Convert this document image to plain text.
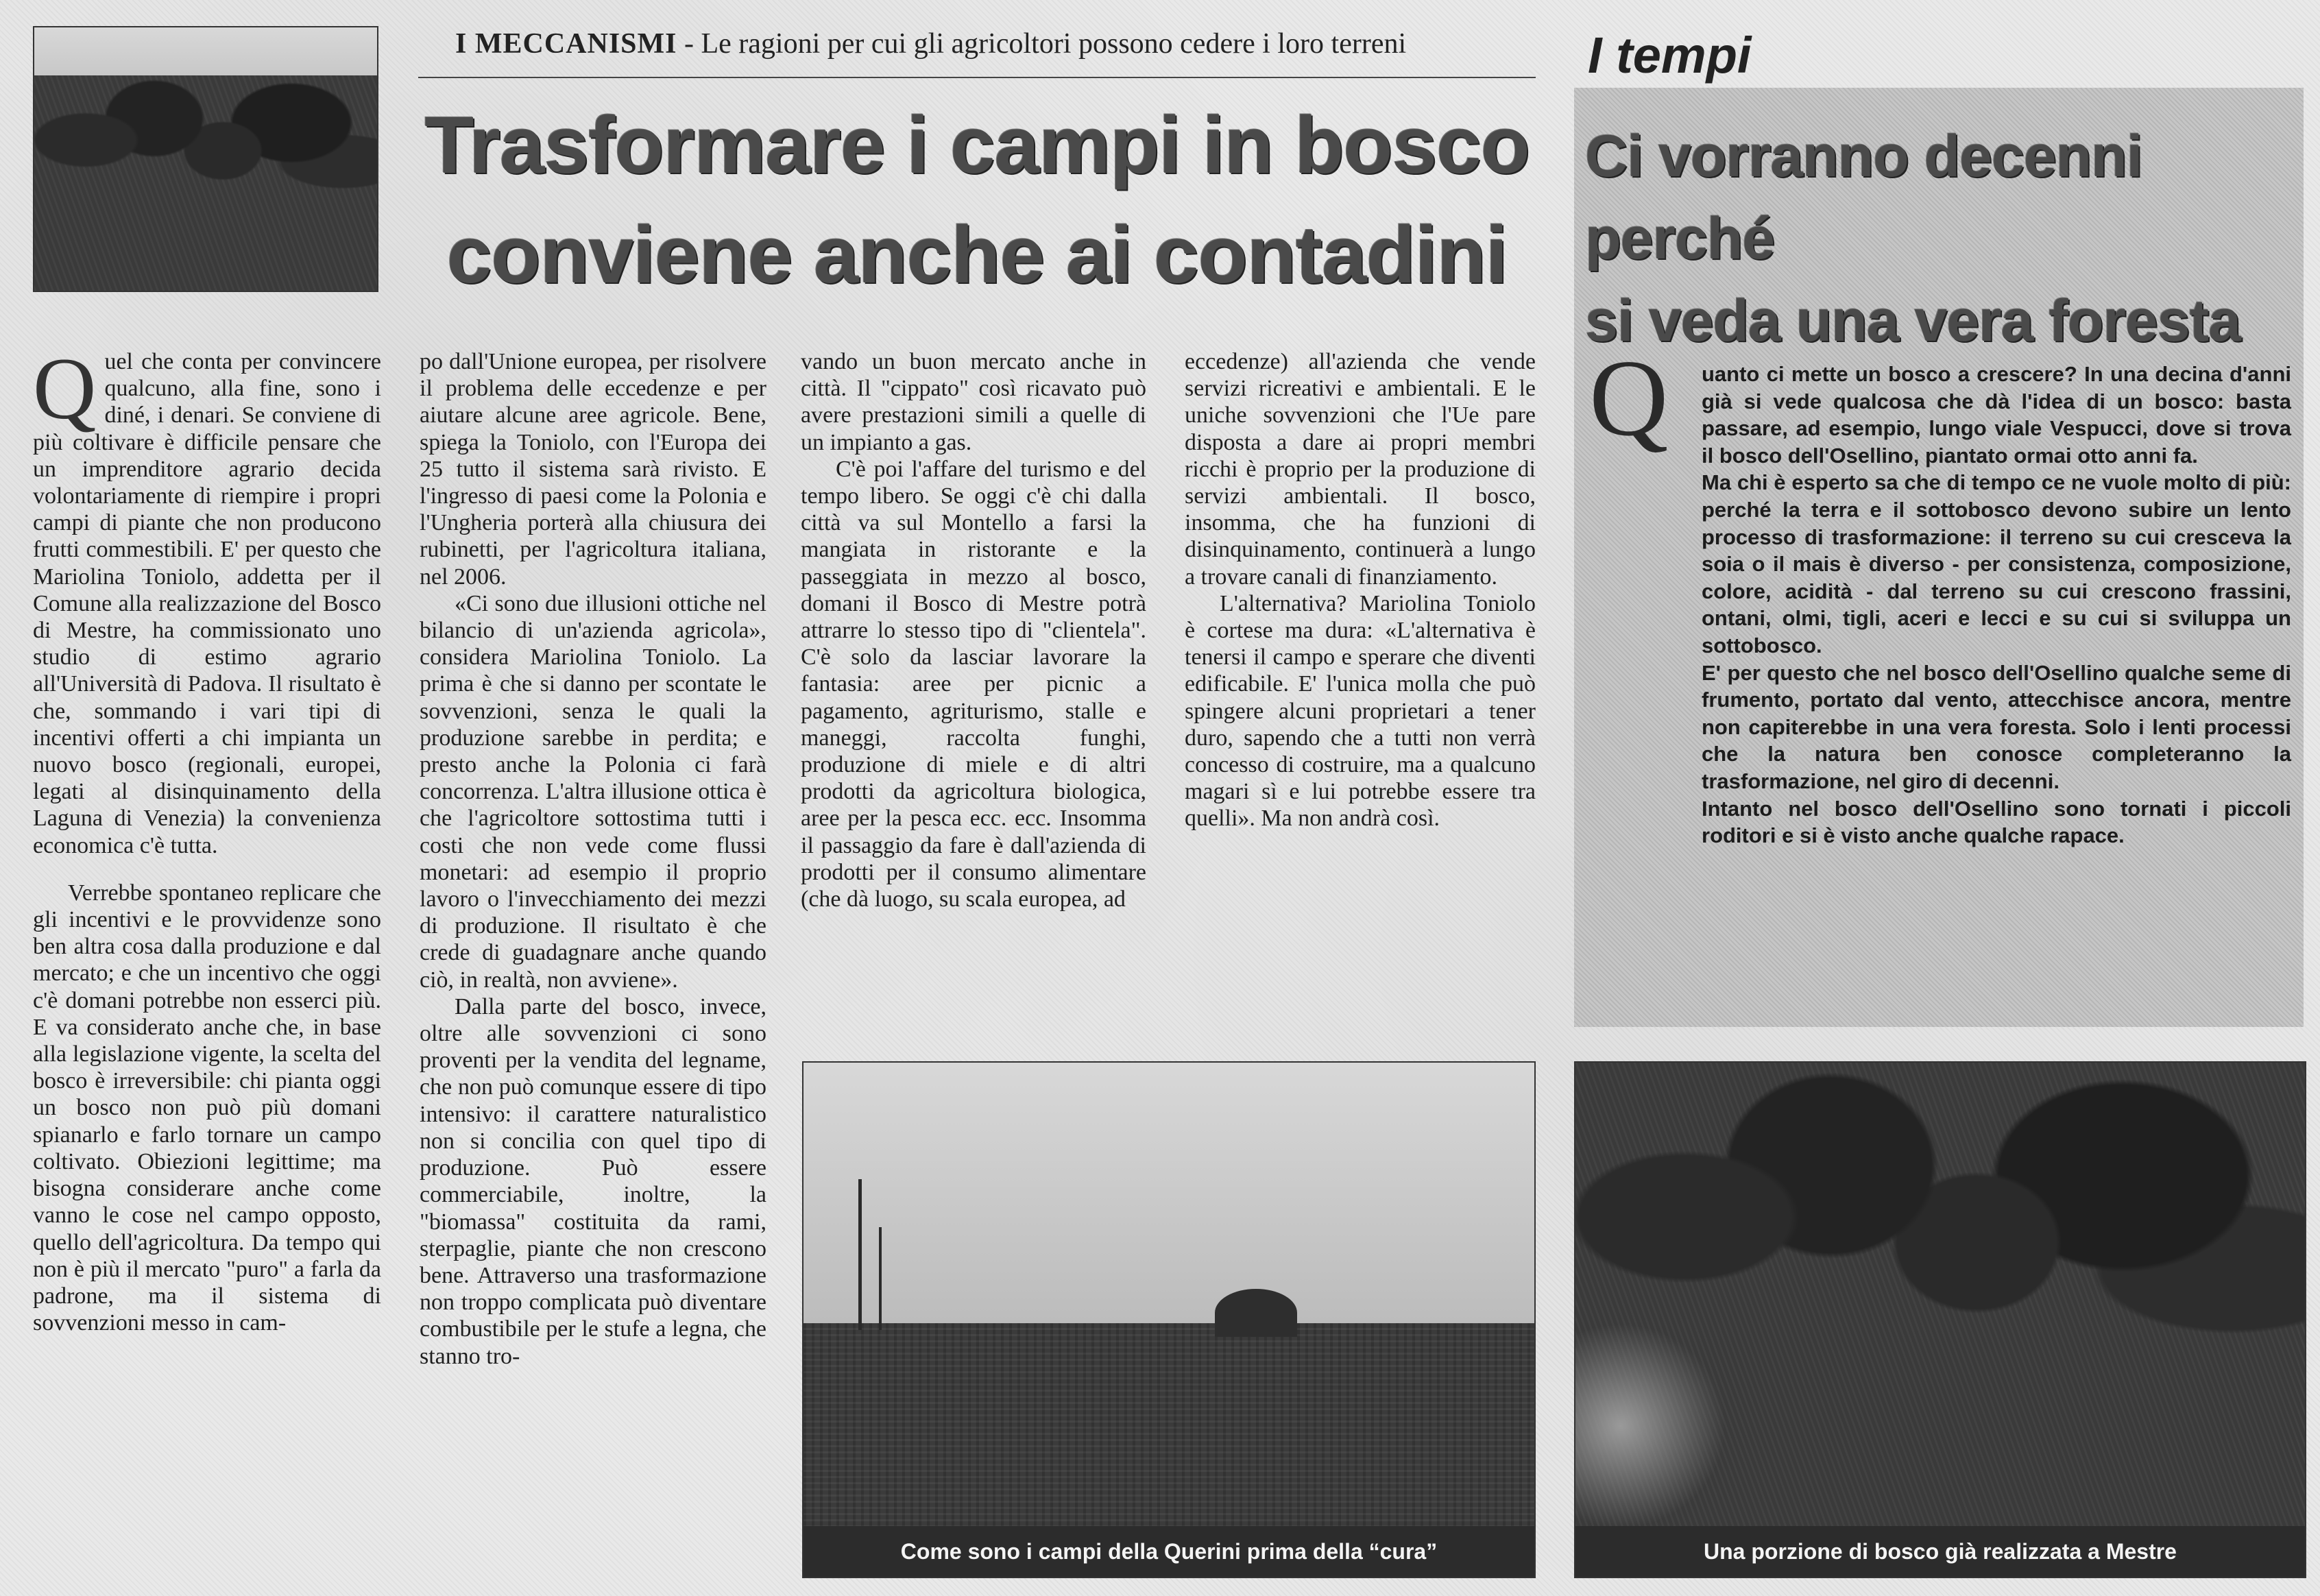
I MECCANISMI - Le ragioni per cui gli agricoltori possono cedere i loro terreni
Trasformare i campi in bosco
conviene anche ai contadini

Quel che conta per convincere qualcuno, alla fine, sono i diné, i denari. Se conviene di più coltivare è difficile pensare che un imprenditore agrario decida volontariamente di riempire i propri campi di piante che non producono frutti commestibili. E' per questo che Mariolina Toniolo, addetta per il Comune alla realizzazione del Bosco di Mestre, ha commissionato uno studio di estimo agrario all'Università di Padova. Il risultato è che, sommando i vari tipi di incentivi offerti a chi impianta un nuovo bosco (regionali, europei, legati al disinquinamento della Laguna di Venezia) la convenienza economica c'è tutta.

Verrebbe spontaneo replicare che gli incentivi e le provvidenze sono ben altra cosa dalla produzione e dal mercato; e che un incentivo che oggi c'è domani potrebbe non esserci più. E va considerato anche che, in base alla legislazione vigente, la scelta del bosco è irreversibile: chi pianta oggi un bosco non può più domani spianarlo e farlo tornare un campo coltivato. Obiezioni legittime; ma bisogna considerare anche come vanno le cose nel campo opposto, quello dell'agricoltura. Da tempo qui non è più il mercato "puro" a farla da padrone, ma il sistema di sovvenzioni messo in cam-

po dall'Unione europea, per risolvere il problema delle eccedenze e per aiutare alcune aree agricole. Bene, spiega la Toniolo, con l'Europa dei 25 tutto il sistema sarà rivisto. E l'ingresso di paesi come la Polonia e l'Ungheria porterà alla chiusura dei rubinetti, per l'agricoltura italiana, nel 2006.

«Ci sono due illusioni ottiche nel bilancio di un'azienda agricola», considera Mariolina Toniolo. La prima è che si danno per scontate le sovvenzioni, senza le quali la produzione sarebbe in perdita; e presto anche la Polonia ci farà concorrenza. L'altra illusione ottica è che l'agricoltore sottostima tutti i costi che non vede come flussi monetari: ad esempio il proprio lavoro o l'invecchiamento dei mezzi di produzione. Il risultato è che crede di guadagnare anche quando ciò, in realtà, non avviene».

Dalla parte del bosco, invece, oltre alle sovvenzioni ci sono proventi per la vendita del legname, che non può comunque essere di tipo intensivo: il carattere naturalistico non si concilia con quel tipo di produzione. Può essere commerciabile, inoltre, la "biomassa" costituita da rami, sterpaglie, piante che non crescono bene. Attraverso una trasformazione non troppo complicata può diventare combustibile per le stufe a legna, che stanno tro-

vando un buon mercato anche in città. Il "cippato" così ricavato può avere prestazioni simili a quelle di un impianto a gas.

C'è poi l'affare del turismo e del tempo libero. Se oggi c'è chi dalla città va sul Montello a farsi la mangiata in ristorante e la passeggiata in mezzo al bosco, domani il Bosco di Mestre potrà attrarre lo stesso tipo di "clientela". C'è solo da lasciar lavorare la fantasia: aree per picnic a pagamento, agriturismo, stalle e maneggi, raccolta funghi, produzione di miele e di altri prodotti da agricoltura biologica, aree per la pesca ecc. ecc. Insomma il passaggio da fare è dall'azienda di prodotti per il consumo alimentare (che dà luogo, su scala europea, ad

eccedenze) all'azienda che vende servizi ricreativi e ambientali. E le uniche sovvenzioni che l'Ue pare disposta a dare ai propri membri ricchi è proprio per la produzione di servizi ambientali. Il bosco, insomma, che ha funzioni di disinquinamento, continuerà a lungo a trovare canali di finanziamento.

L'alternativa? Mariolina Toniolo è cortese ma dura: «L'alternativa è tenersi il campo e sperare che diventi edificabile. E' l'unica molla che può spingere alcuni proprietari a tener duro, sapendo che a tutti non verrà concesso di costruire, ma a qualcuno magari sì e lui potrebbe essere tra quelli». Ma non andrà così.

Come sono i campi della Querini prima della “cura”
I tempi
Ci vorranno decenni perché
si veda una vera foresta
Q uanto ci mette un bosco a crescere? In una decina d'anni già si vede qualcosa che dà l'idea di un bosco: basta passare, ad esempio, lungo viale Vespucci, dove si trova il bosco dell'Osellino, piantato ormai otto anni fa.

Ma chi è esperto sa che di tempo ce ne vuole molto di più: perché la terra e il sottobosco devono subire un lento processo di trasformazione: il terreno su cui cresceva la soia o il mais è diverso - per consistenza, composizione, colore, acidità - dal terreno su cui crescono frassini, ontani, olmi, tigli, aceri e lecci e su cui si sviluppa un sottobosco.

E' per questo che nel bosco dell'Osellino qualche seme di frumento, portato dal vento, attecchisce ancora, mentre non capiterebbe in una vera foresta. Solo i lenti processi che la natura ben conosce completeranno la trasformazione, nel giro di decenni.

Intanto nel bosco dell'Osellino sono tornati i piccoli roditori e si è visto anche qualche rapace.

Una porzione di bosco già realizzata a Mestre
